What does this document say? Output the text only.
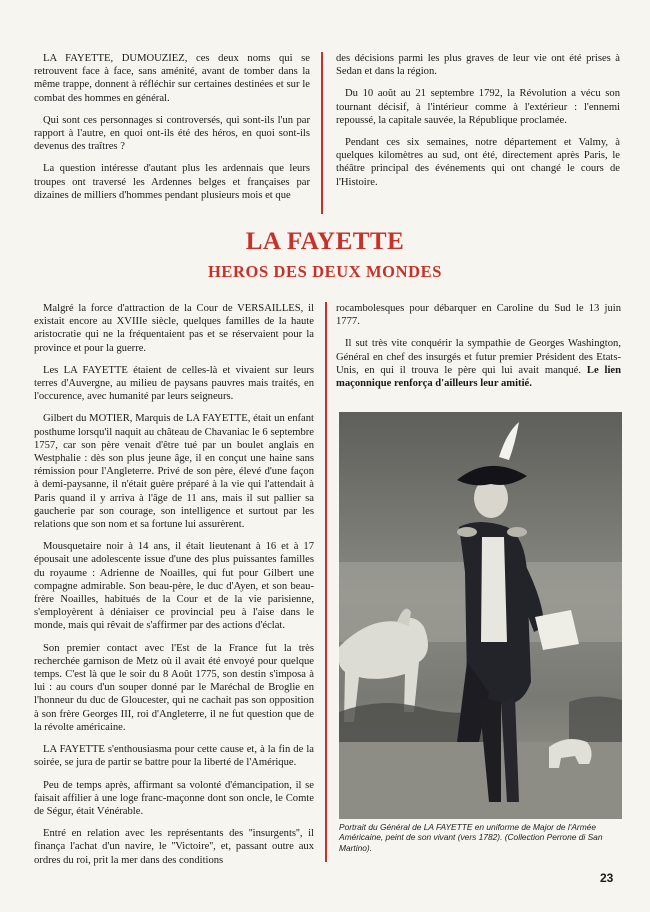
LA FAYETTE, DUMOUZIEZ, ces deux noms qui se retrouvent face à face, sans aménité, avant de tomber dans la même trappe, donnent à réfléchir sur certaines destinées et sur le combat des hommes en général.

Qui sont ces personnages si controversés, qui sont-ils l'un par rapport à l'autre, en quoi ont-ils été des héros, en quoi sont-ils devenus des traîtres ?

La question intéresse d'autant plus les ardennais que leurs troupes ont traversé les Ardennes belges et françaises par dizaines de milliers d'hommes pendant plusieurs mois et que

des décisions parmi les plus graves de leur vie ont été prises à Sedan et dans la région.

Du 10 août au 21 septembre 1792, la Révolution a vécu son tournant décisif, à l'intérieur comme à l'extérieur : l'ennemi repoussé, la capitale sauvée, la République proclamée.

Pendant ces six semaines, notre département et Valmy, à quelques kilomètres au sud, ont été, directement après Paris, le théâtre principal des événements qui ont changé le cours de l'Histoire.

LA FAYETTE
HEROS DES DEUX MONDES

Malgré la force d'attraction de la Cour de VERSAILLES, il existait encore au XVIIIe siècle, quelques familles de la haute aristocratie qui ne la fréquentaient pas et se réservaient pour la province et pour la guerre.

Les LA FAYETTE étaient de celles-là et vivaient sur leurs terres d'Auvergne, au milieu de paysans pauvres mais traités, en l'occurence, avec humanité par leurs seigneurs.

Gilbert du MOTIER, Marquis de LA FAYETTE, était un enfant posthume lorsqu'il naquit au château de Chavaniac le 6 septembre 1757, car son père venait d'être tué par un boulet anglais en Westphalie : dès son plus jeune âge, il en conçut une haine sans rémission pour l'Angleterre. Privé de son père, élevé d'une façon à demi-paysanne, il n'était guère préparé à la vie qui l'attendait à Paris quand il y arriva à l'âge de 11 ans, mais il sut pallier sa gaucherie par son courage, son intelligence et surtout par les relations que son nom et sa fortune lui assurèrent.

Mousquetaire noir à 14 ans, il était lieutenant à 16 et à 17 épousait une adolescente issue d'une des plus puissantes familles du royaume : Adrienne de Noailles, qui fut pour Gilbert une compagne admirable. Son beau-père, le duc d'Ayen, et son beau-frère Noailles, habitués de la Cour et de la vie parisienne, s'employèrent à déniaiser ce provincial peu à l'aise dans le monde, mais qui rêvait de s'affirmer par des actions d'éclat.

Son premier contact avec l'Est de la France fut la très recherchée garnison de Metz où il avait été envoyé pour quelque temps. C'est là que le soir du 8 Août 1775, son destin s'imposa à lui : au cours d'un souper donné par le Maréchal de Broglie en l'honneur du duc de Gloucester, qui ne cachait pas son opposition à son frère Georges III, roi d'Angleterre, il ne fut question que de la révolte américaine.

LA FAYETTE s'enthousiasma pour cette cause et, à la fin de la soirée, se jura de partir se battre pour la liberté de l'Amérique.

Peu de temps après, affirmant sa volonté d'émancipation, il se faisait affilier à une loge franc-maçonne dont son oncle, le Comte de Ségur, était Vénérable.

Entré en relation avec les représentants des ''insurgents'', il finança l'achat d'un navire, le ''Victoire'', et, passant outre aux ordres du roi, prit la mer dans des conditions

rocambolesques pour débarquer en Caroline du Sud le 13 juin 1777.

Il sut très vite conquérir la sympathie de Georges Washington, Général en chef des insurgés et futur premier Président des Etats-Unis, en qui il trouva le père qui lui avait manqué. Le lien maçonnique renforça d'ailleurs leur amitié.

Portrait du Général de LA FAYETTE en uniforme de Major de l'Armée Américaine, peint de son vivant (vers 1782). (Collection Perrone di San Martino).
23
